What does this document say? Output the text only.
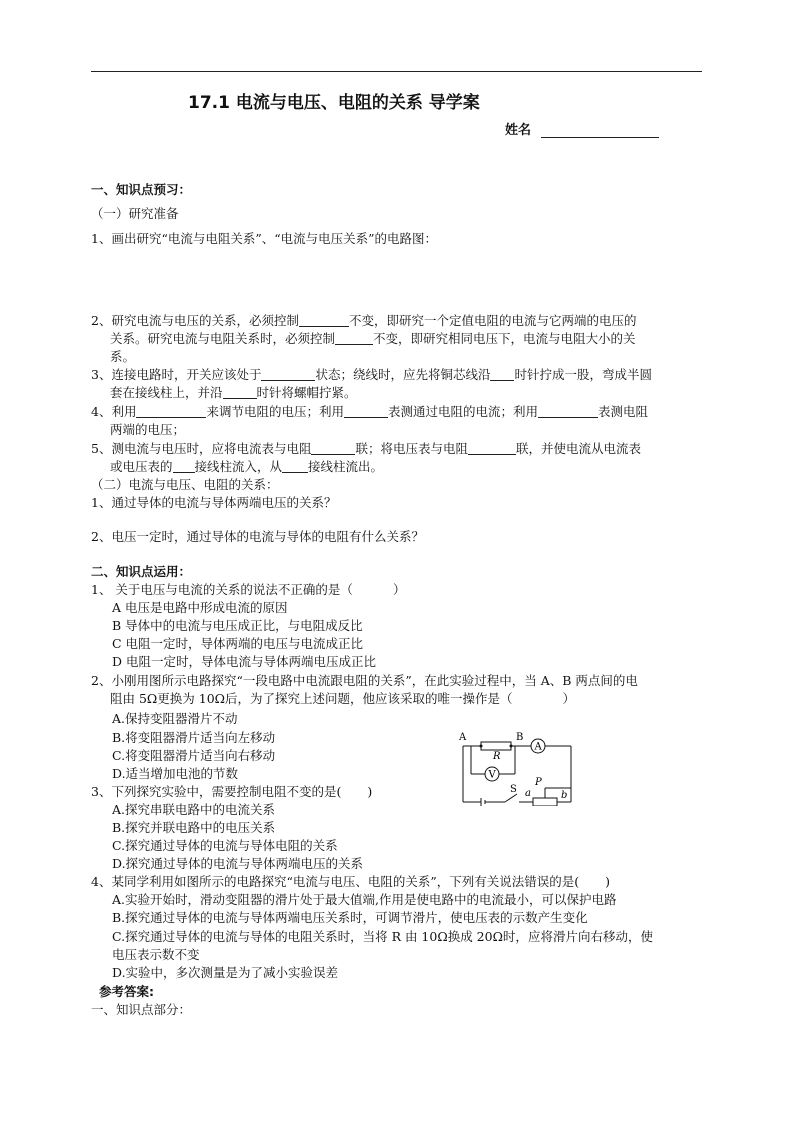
17.1 电流与电压、电阻的关系 导学案
姓名
一、知识点预习：
（一）研究准备
1、画出研究“电流与电阻关系”、“电流与电压关系”的电路图：
2、研究电流与电压的关系，必须控制	不变，即研究一个定值电阻的电流与它两端的电压的
关系。研究电流与电阻关系时，必须控制	不变，即研究相同电压下，电流与电阻大小的关
系。
3、连接电路时，开关应该处于	状态；绕线时，应先将铜芯线沿 时针拧成一股，弯成半圆
套在接线柱上，并沿	时针将螺帽拧紧。
4、利用	来调节电阻的电压；利用	表测通过电阻的电流；利用	表测电阻
两端的电压；
5、测电流与电压时，应将电流表与电阻	联；将电压表与电阻	联，并使电流从电流表
或电压表的 接线柱流入，从 接线柱流出。
（二）电流与电压、电阻的关系：
1、通过导体的电流与导体两端电压的关系？
2、电压一定时，通过导体的电流与导体的电阻有什么关系？
二、知识点运用：
1、 关于电压与电流的关系的说法不正确的是（	）
A 电压是电路中形成电流的原因
B 导体中的电流与电压成正比，与电阻成反比
C 电阻一定时，导体两端的电压与电流成正比
D 电阻一定时，导体电流与导体两端电压成正比
2、小刚用图所示电路探究“一段电路中电流跟电阻的关系”，在此实验过程中，当 A、B 两点间的电
阻由 5Ω更换为 10Ω后，为了探究上述问题，他应该采取的唯一操作是（	）
A.保持变阻器滑片不动
B.将变阻器滑片适当向左移动
C.将变阻器滑片适当向右移动
D.适当增加电池的节数
3、下列探究实验中，需要控制电阻不变的是( )
A.探究串联电路中的电流关系
B.探究并联电路中的电压关系
C.探究通过导体的电流与导体电阻的关系
D.探究通过导体的电流与导体两端电压的关系
4、某同学利用如图所示的电路探究“电流与电压、电阻的关系”，下列有关说法错误的是( )
A.实验开始时，滑动变阻器的滑片处于最大值端,作用是使电路中的电流最小，可以保护电路
B.探究通过导体的电流与导体两端电压关系时，可调节滑片，使电压表的示数产生变化
C.探究通过导体的电流与导体的电阻关系时，当将 R 由 10Ω换成 20Ω时，应将滑片向右移动，使
电压表示数不变
D.实验中，多次测量是为了减小实验误差
参考答案:
一、知识点部分：
A	B
R
S
P
a	b
A
V
